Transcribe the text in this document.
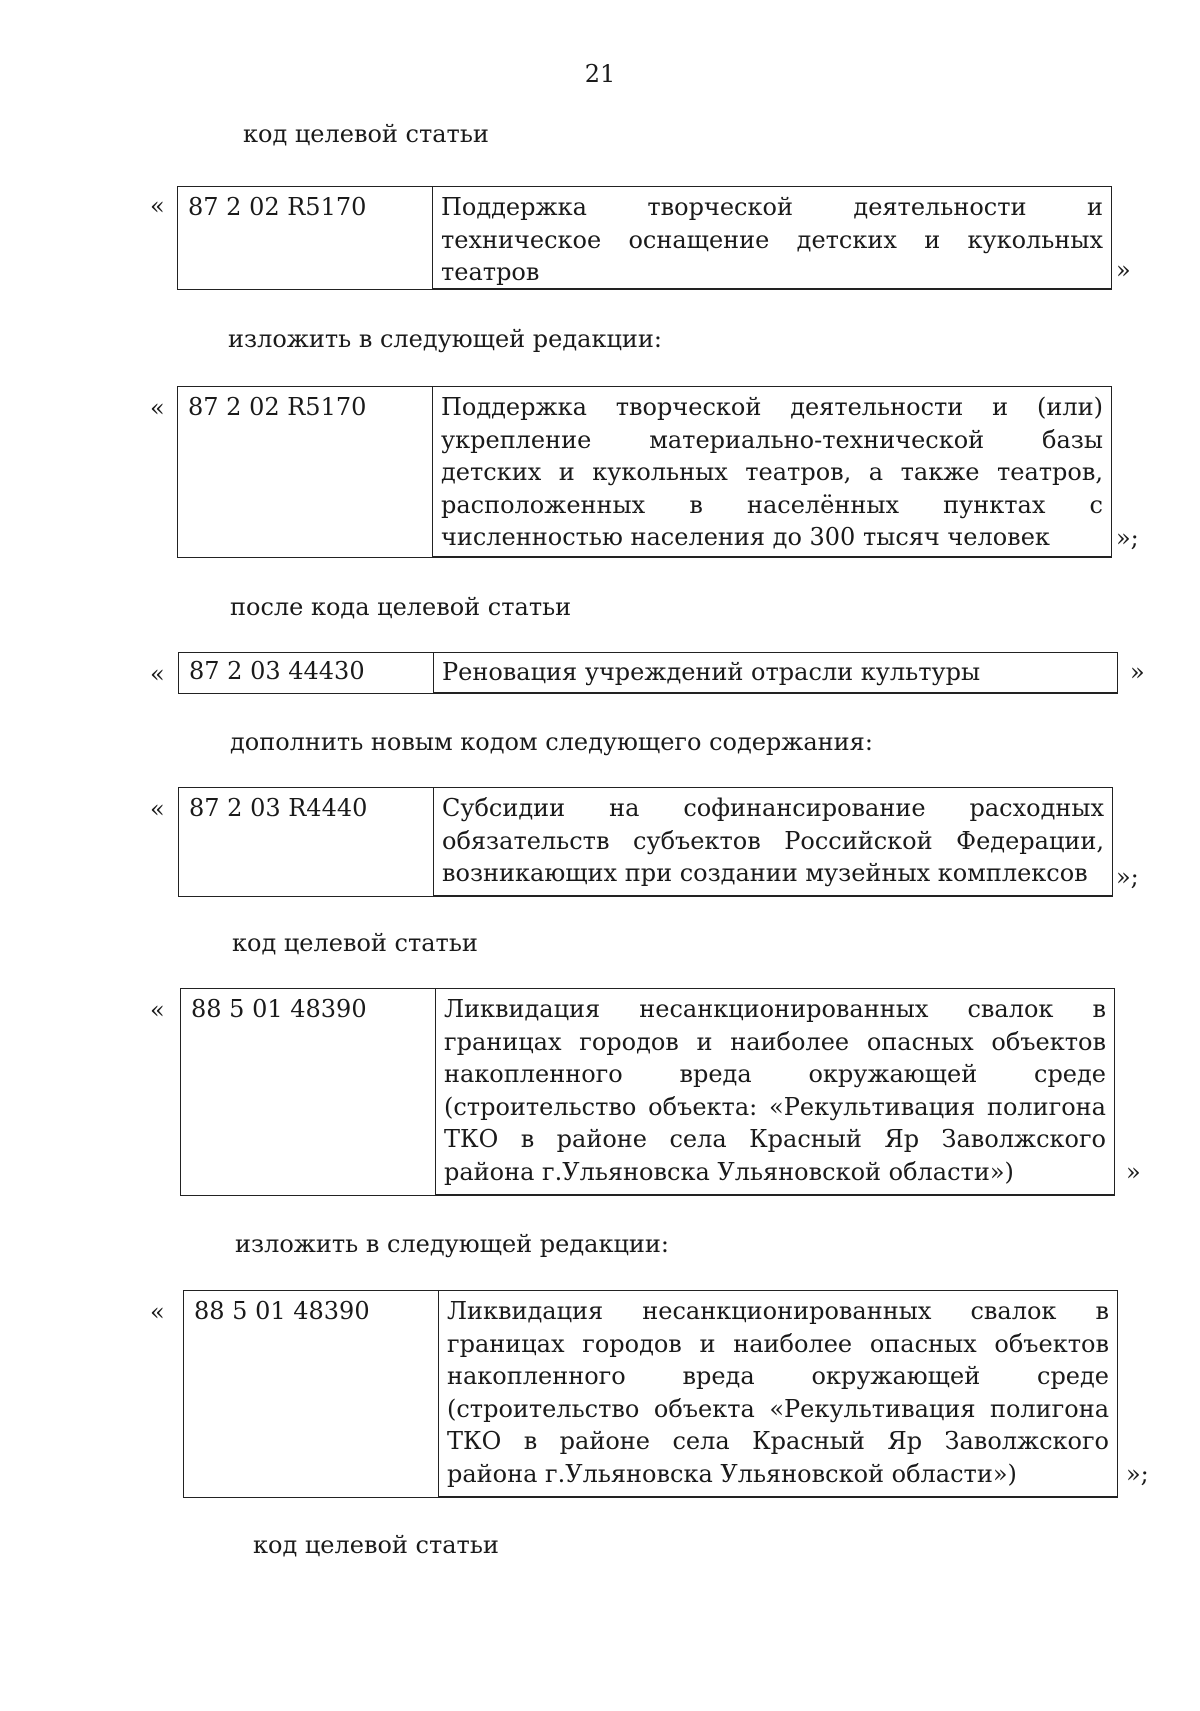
21
код целевой статьи
« 87 2 02 R5170	Поддержка творческой деятельности и техническое оснащение детских и кукольных театров	»
изложить в следующей редакции:
« 87 2 02 R5170	Поддержка творческой деятельности и (или) укрепление материально-технической базы детских и кукольных театров, а также театров, расположенных в населённых пунктах с численностью населения до 300 тысяч человек	»;
после кода целевой статьи
«	87 2 03 44430	Реновация учреждений отрасли культуры	»
дополнить новым кодом следующего содержания:
«	87 2 03 R4440	Субсидии на софинансирование расходных обязательств субъектов Российской Федерации, возникающих при создании музейных комплексов	»;
код целевой статьи
«	88 5 01 48390	Ликвидация несанкционированных свалок в границах городов и наиболее опасных объектов накопленного вреда окружающей среде (строительство объекта: «Рекультивация полигона ТКО в районе села Красный Яр Заволжского района г.Ульяновска Ульяновской области»)	»
изложить в следующей редакции:
«	88 5 01 48390	Ликвидация несанкционированных свалок в границах городов и наиболее опасных объектов накопленного вреда окружающей среде (строительство объекта «Рекультивация полигона ТКО в районе села Красный Яр Заволжского района г.Ульяновска Ульяновской области»)	»;
код целевой статьи
